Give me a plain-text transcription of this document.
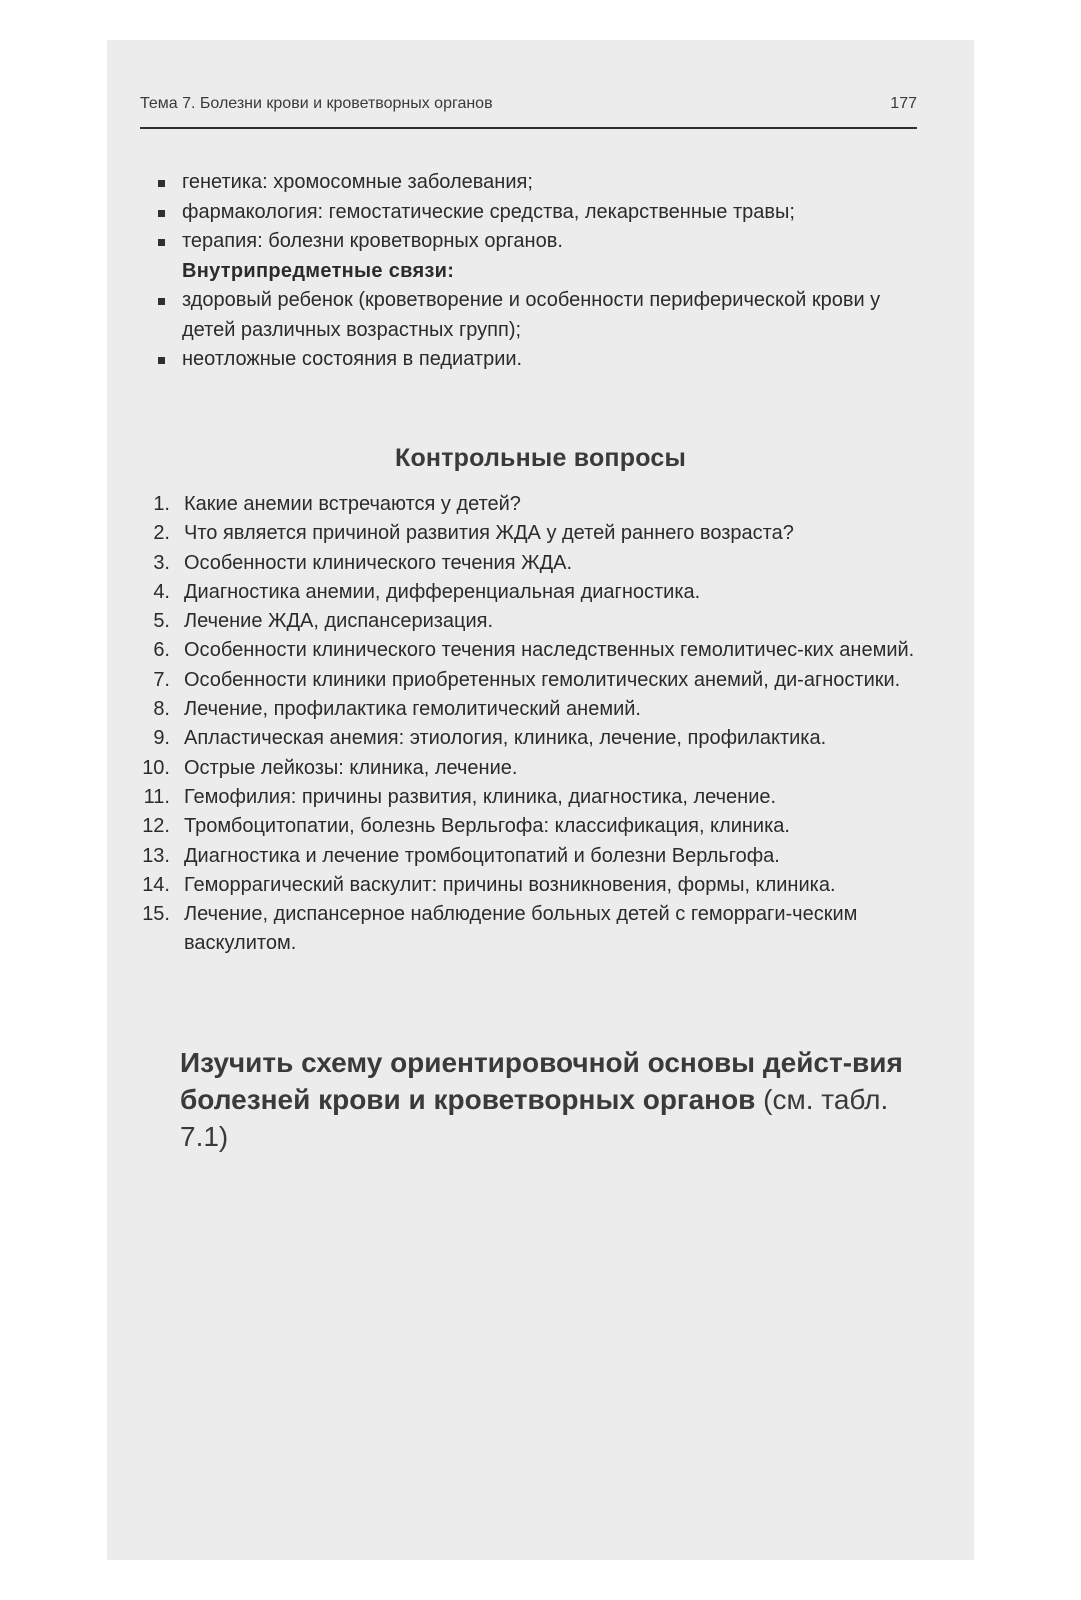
Тема 7. Болезни крови и кроветворных органов	177
генетика: хромосомные заболевания;
фармакология: гемостатические средства, лекарственные травы;
терапия: болезни кроветворных органов.
Внутрипредметные связи:
здоровый ребенок (кроветворение и особенности периферической крови у детей различных возрастных групп);
неотложные состояния в педиатрии.
Контрольные вопросы
1. Какие анемии встречаются у детей?
2. Что является причиной развития ЖДА у детей раннего возраста?
3. Особенности клинического течения ЖДА.
4. Диагностика анемии, дифференциальная диагностика.
5. Лечение ЖДА, диспансеризация.
6. Особенности клинического течения наследственных гемолитичес-ких анемий.
7. Особенности клиники приобретенных гемолитических анемий, ди-агностики.
8. Лечение, профилактика гемолитический анемий.
9. Апластическая анемия: этиология, клиника, лечение, профилактика.
10. Острые лейкозы: клиника, лечение.
11. Гемофилия: причины развития, клиника, диагностика, лечение.
12. Тромбоцитопатии, болезнь Верльгофа: классификация, клиника.
13. Диагностика и лечение тромбоцитопатий и болезни Верльгофа.
14. Геморрагический васкулит: причины возникновения, формы, клиника.
15. Лечение, диспансерное наблюдение больных детей с геморраги-ческим васкулитом.
Изучить схему ориентировочной основы дейст-вия болезней крови и кроветворных органов (см. табл. 7.1)
